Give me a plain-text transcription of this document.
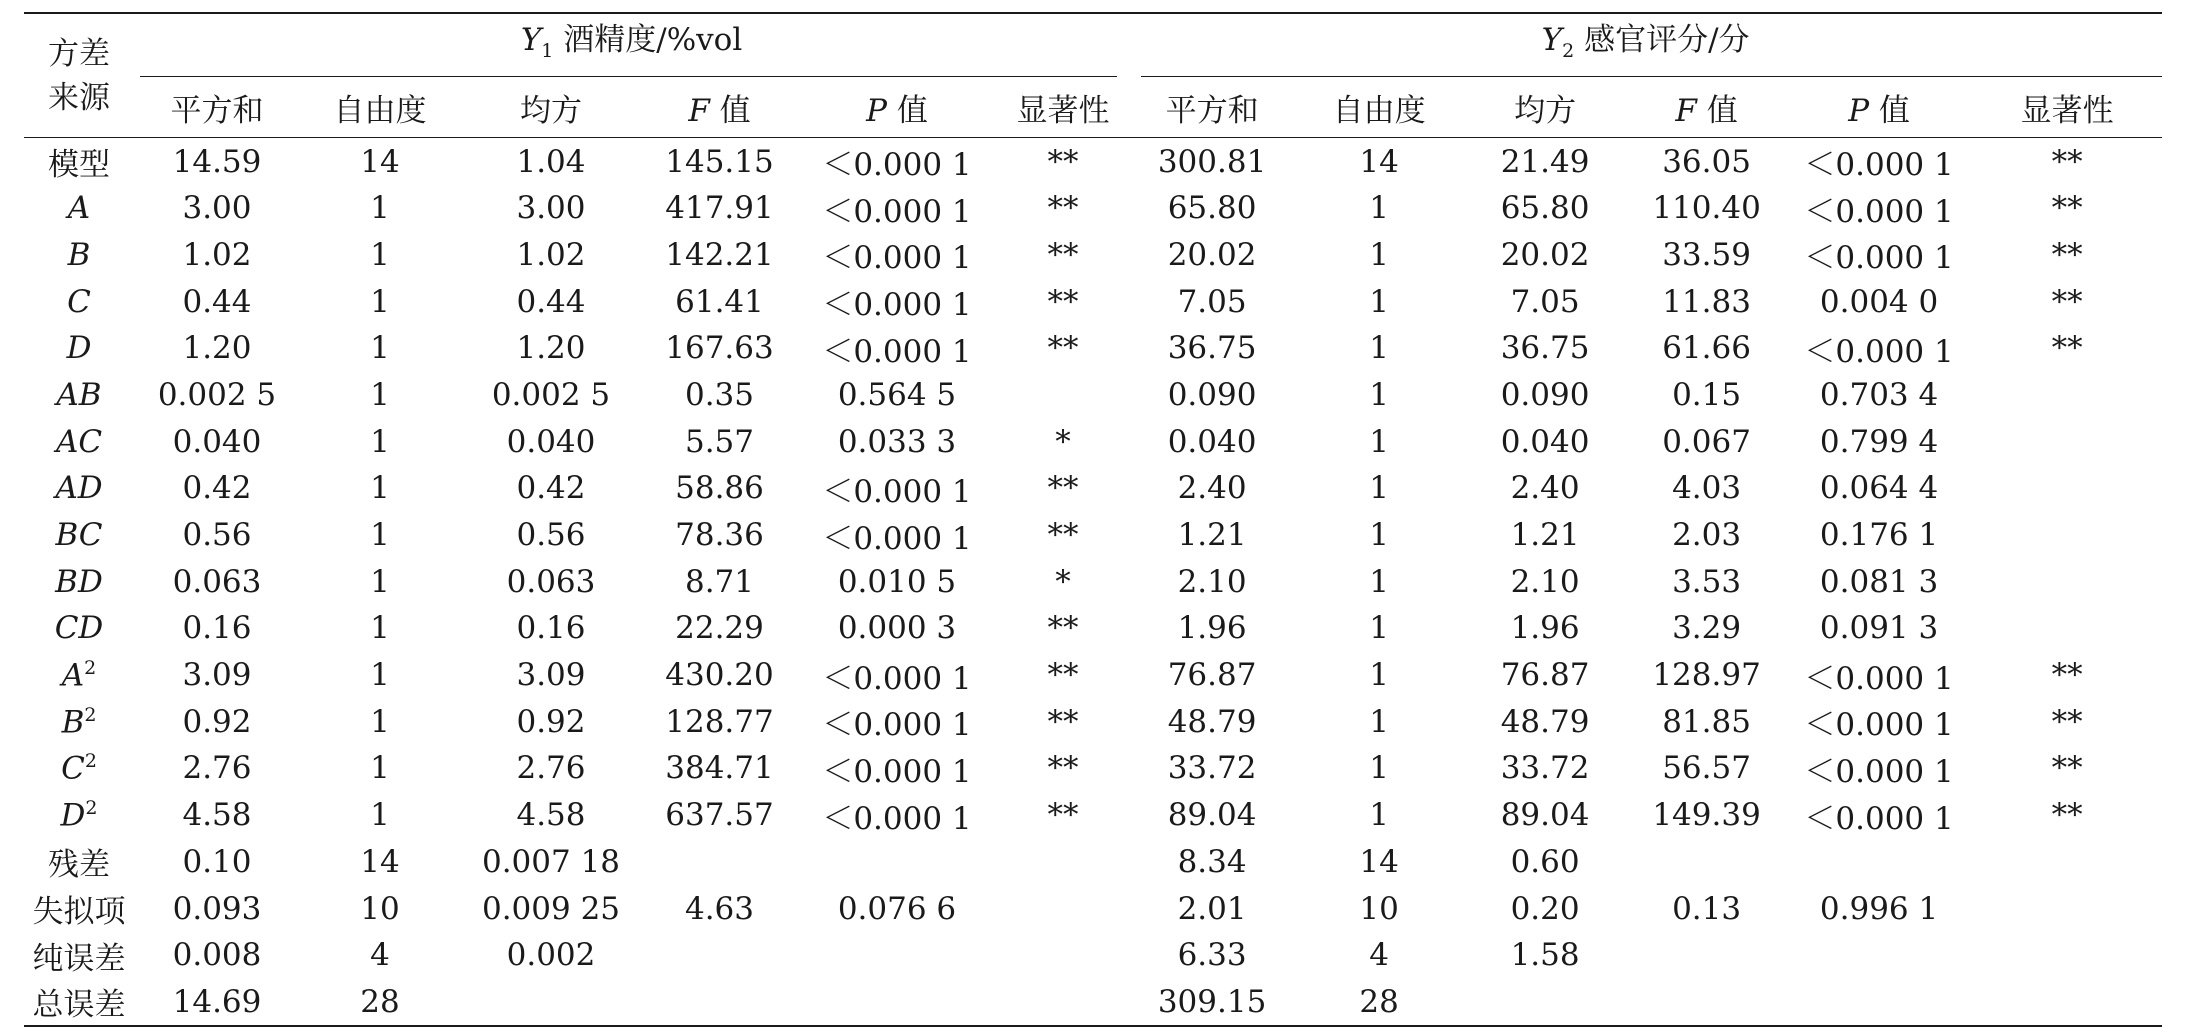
方差
来源	$Y_1$ 酒精度/%vol						$Y_2$ 感官评分/分					

	平方和	自由度	均方	F 值	P 值	显著性	平方和	自由度	均方	F 值	P 值	显著性
模型	14.59	14	1.04	145.15	＜0.000 1	**	300.81	14	21.49	36.05	＜0.000 1	**
A	3.00	1	3.00	417.91	＜0.000 1	**	65.80	1	65.80	110.40	＜0.000 1	**
B	1.02	1	1.02	142.21	＜0.000 1	**	20.02	1	20.02	33.59	＜0.000 1	**
C	0.44	1	0.44	61.41	＜0.000 1	**	7.05	1	7.05	11.83	0.004 0	**
D	1.20	1	1.20	167.63	＜0.000 1	**	36.75	1	36.75	61.66	＜0.000 1	**
AB	0.002 5	1	0.002 5	0.35	0.564 5		0.090	1	0.090	0.15	0.703 4	
AC	0.040	1	0.040	5.57	0.033 3	*	0.040	1	0.040	0.067	0.799 4	
AD	0.42	1	0.42	58.86	＜0.000 1	**	2.40	1	2.40	4.03	0.064 4	
BC	0.56	1	0.56	78.36	＜0.000 1	**	1.21	1	1.21	2.03	0.176 1	
BD	0.063	1	0.063	8.71	0.010 5	*	2.10	1	2.10	3.53	0.081 3	
CD	0.16	1	0.16	22.29	0.000 3	**	1.96	1	1.96	3.29	0.091 3	
$A^2$	3.09	1	3.09	430.20	＜0.000 1	**	76.87	1	76.87	128.97	＜0.000 1	**
$B^2$	0.92	1	0.92	128.77	＜0.000 1	**	48.79	1	48.79	81.85	＜0.000 1	**
$C^2$	2.76	1	2.76	384.71	＜0.000 1	**	33.72	1	33.72	56.57	＜0.000 1	**
$D^2$	4.58	1	4.58	637.57	＜0.000 1	**	89.04	1	89.04	149.39	＜0.000 1	**
残差	0.10	14	0.007 18				8.34	14	0.60			
失拟项	0.093	10	0.009 25	4.63	0.076 6		2.01	10	0.20	0.13	0.996 1	
纯误差	0.008	4	0.002				6.33	4	1.58			
总误差	14.69	28					309.15	28				
